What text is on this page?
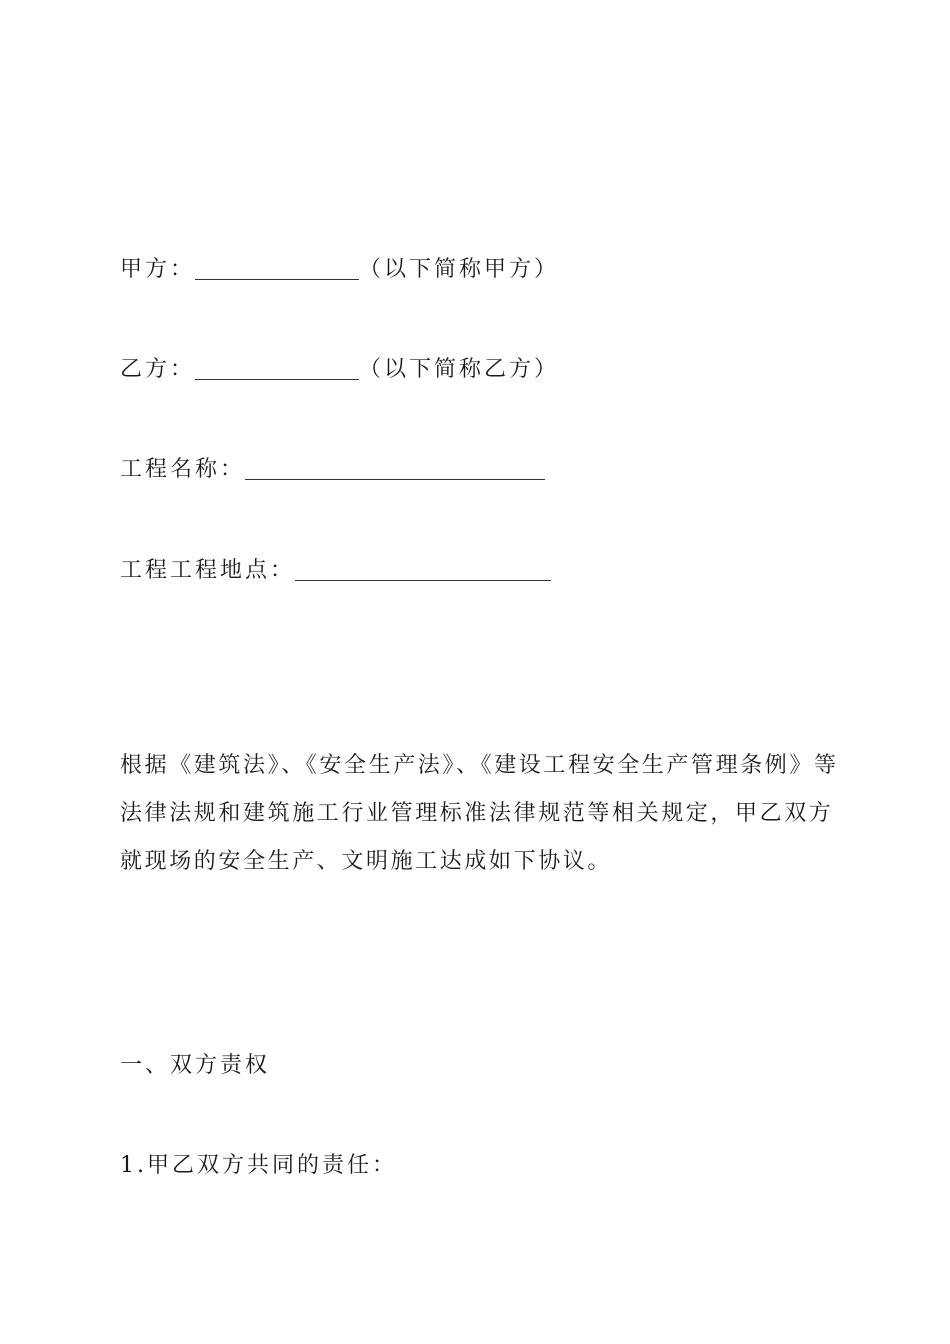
甲方：	（以下简称甲方）
乙方：	（以下简称乙方）
工程名称：
工程工程地点：
根据《建筑法》、《安全生产法》、《建设工程安全生产管理条例》等法律法规和建筑施工行业管理标准法律规范等相关规定，甲乙双方就现场的安全生产、文明施工达成如下协议。
一、双方责权
1.甲乙双方共同的责任：
